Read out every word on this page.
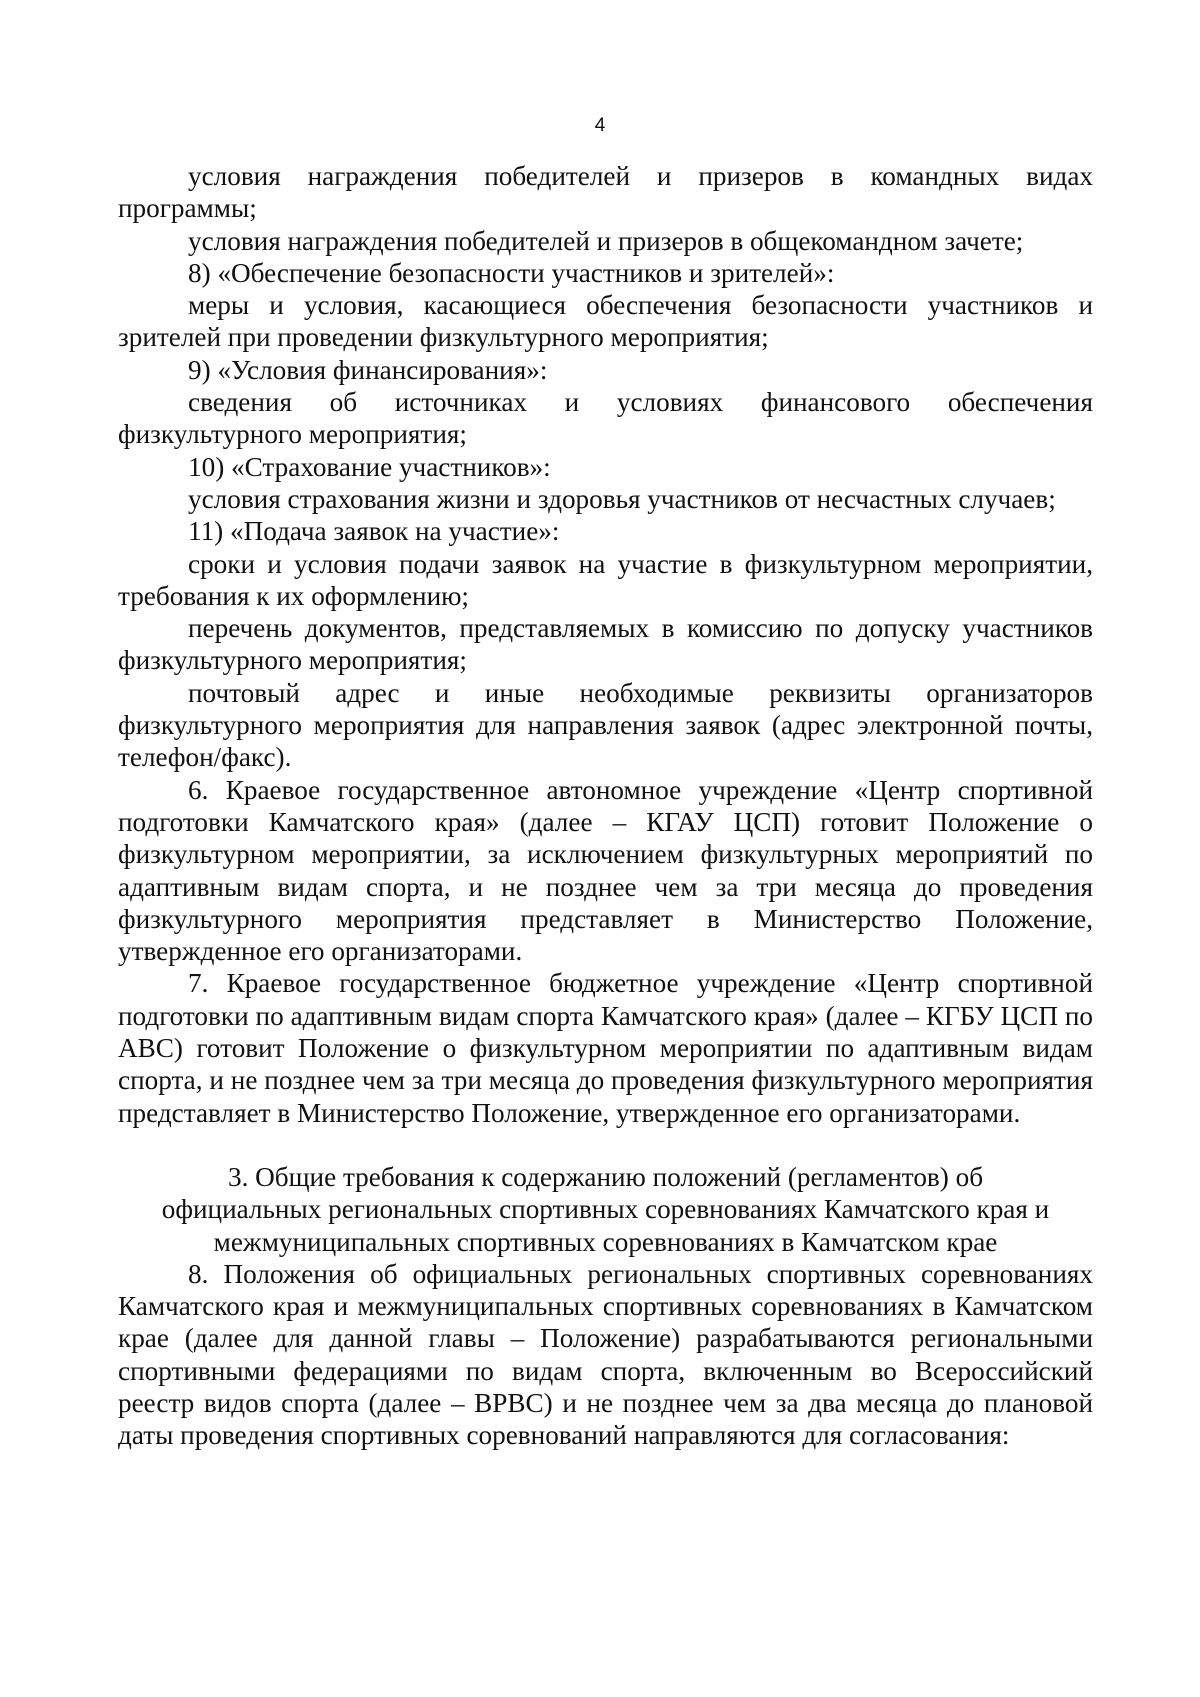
4

условия награждения победителей и призеров в командных видах программы;

условия награждения победителей и призеров в общекомандном зачете;

8) «Обеспечение безопасности участников и зрителей»:

меры и условия, касающиеся обеспечения безопасности участников и зрителей при проведении физкультурного мероприятия;

9) «Условия финансирования»:

сведения об источниках и условиях финансового обеспечения физкультурного мероприятия;

10) «Страхование участников»:

условия страхования жизни и здоровья участников от несчастных случаев;

11) «Подача заявок на участие»:

сроки и условия подачи заявок на участие в физкультурном мероприятии, требования к их оформлению;

перечень документов, представляемых в комиссию по допуску участников физкультурного мероприятия;

почтовый адрес и иные необходимые реквизиты организаторов физкультурного мероприятия для направления заявок (адрес электронной почты, телефон/факс).

6. Краевое государственное автономное учреждение «Центр спортивной подготовки Камчатского края» (далее – КГАУ ЦСП) готовит Положение о физкультурном мероприятии, за исключением физкультурных мероприятий по адаптивным видам спорта, и не позднее чем за три месяца до проведения физкультурного мероприятия представляет в Министерство Положение, утвержденное его организаторами.

7. Краевое государственное бюджетное учреждение «Центр спортивной подготовки по адаптивным видам спорта Камчатского края» (далее – КГБУ ЦСП по АВС) готовит Положение о физкультурном мероприятии по адаптивным видам спорта, и не позднее чем за три месяца до проведения физкультурного мероприятия представляет в Министерство Положение, утвержденное его организаторами.

3. Общие требования к содержанию положений (регламентов) об официальных региональных спортивных соревнованиях Камчатского края и межмуниципальных спортивных соревнованиях в Камчатском крае

8. Положения об официальных региональных спортивных соревнованиях Камчатского края и межмуниципальных спортивных соревнованиях в Камчатском крае (далее для данной главы – Положение) разрабатываются региональными спортивными федерациями по видам спорта, включенным во Всероссийский реестр видов спорта (далее – ВРВС) и не позднее чем за два месяца до плановой даты проведения спортивных соревнований направляются для согласования:
